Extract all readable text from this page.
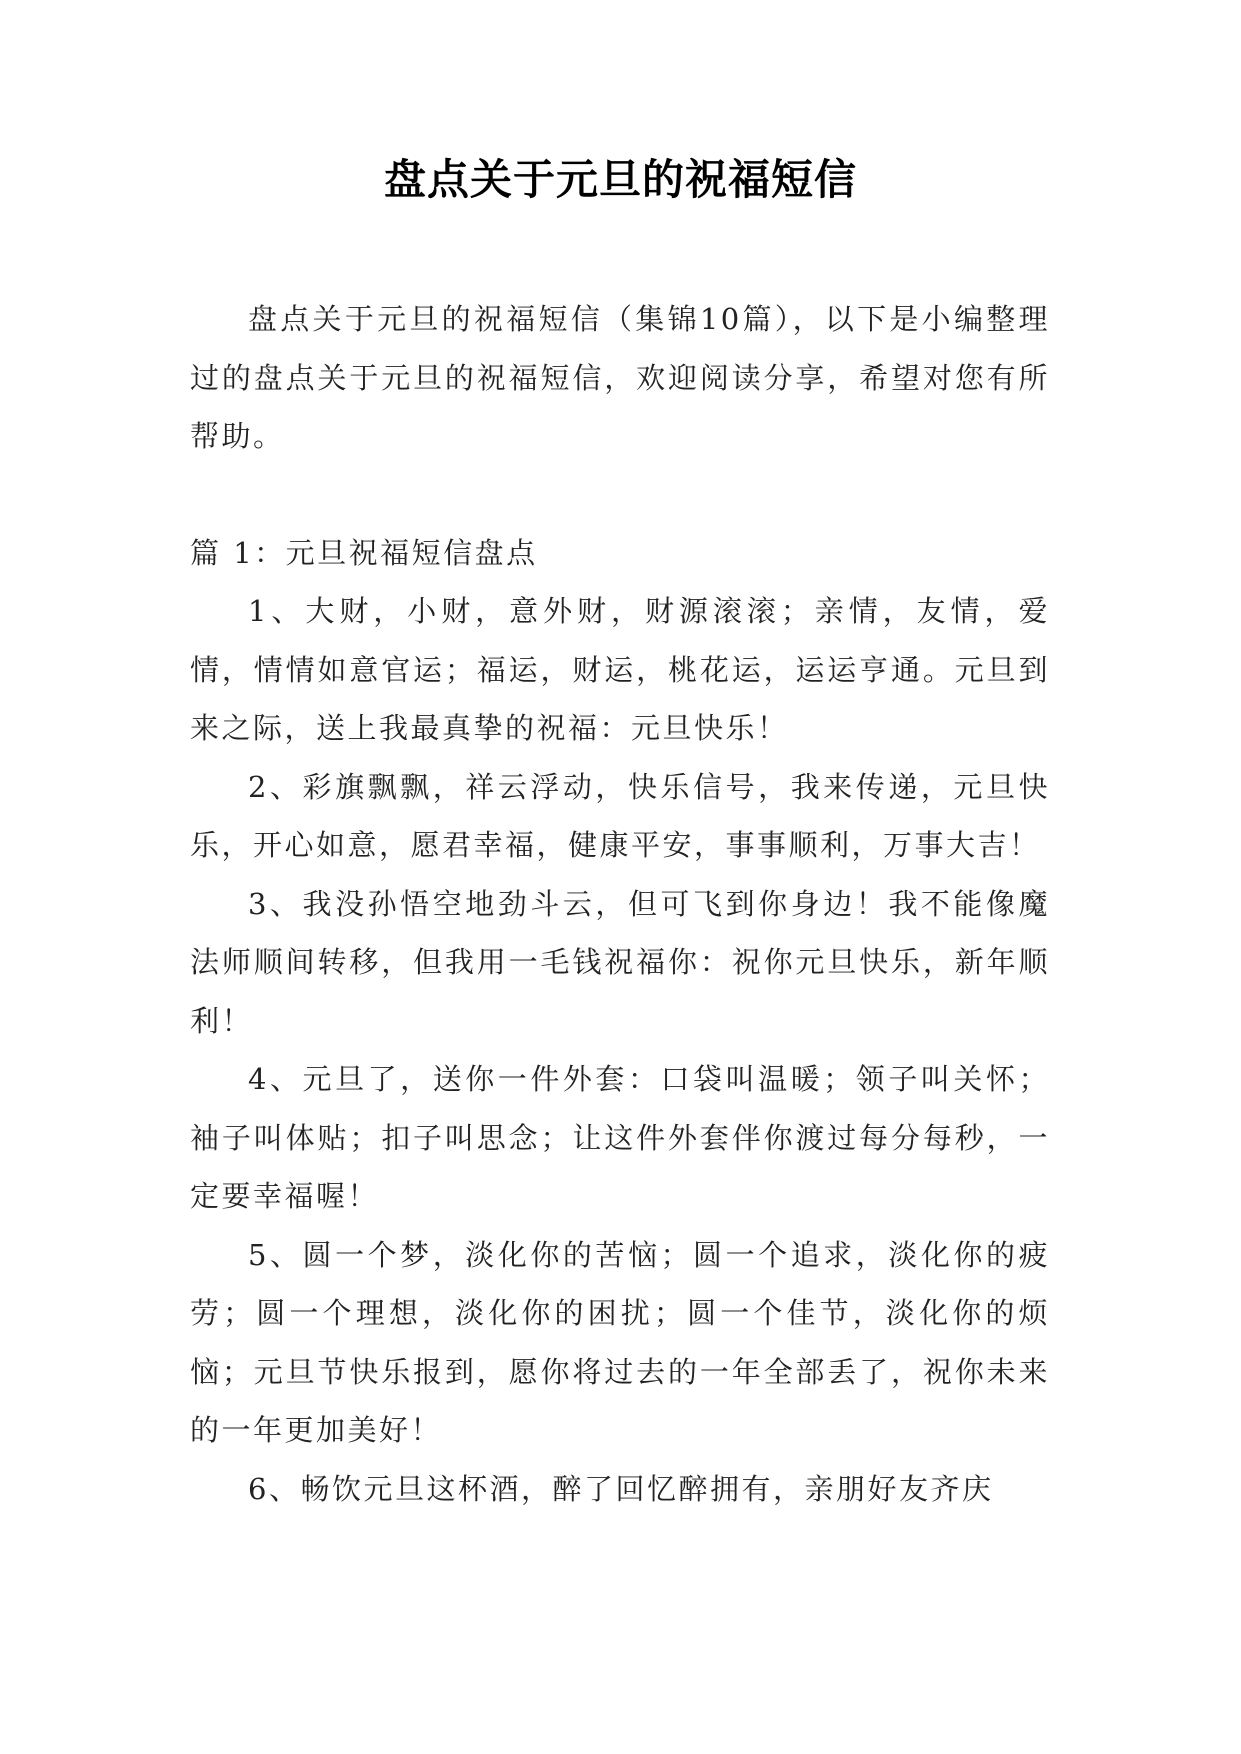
盘点关于元旦的祝福短信

盘点关于元旦的祝福短信（集锦10篇），以下是小编整理过的盘点关于元旦的祝福短信，欢迎阅读分享，希望对您有所帮助。

篇 1：元旦祝福短信盘点

1、大财，小财，意外财，财源滚滚；亲情，友情，爱情，情情如意官运；福运，财运，桃花运，运运亨通。元旦到来之际，送上我最真挚的祝福：元旦快乐！

2、彩旗飘飘，祥云浮动，快乐信号，我来传递，元旦快乐，开心如意，愿君幸福，健康平安，事事顺利，万事大吉！

3、我没孙悟空地劲斗云，但可飞到你身边！我不能像魔法师顺间转移，但我用一毛钱祝福你：祝你元旦快乐，新年顺利！

4、元旦了，送你一件外套：口袋叫温暖；领子叫关怀；袖子叫体贴；扣子叫思念；让这件外套伴你渡过每分每秒，一定要幸福喔！

5、圆一个梦，淡化你的苦恼；圆一个追求，淡化你的疲劳；圆一个理想，淡化你的困扰；圆一个佳节，淡化你的烦恼；元旦节快乐报到，愿你将过去的一年全部丢了，祝你未来的一年更加美好！

6、畅饮元旦这杯酒，醉了回忆醉拥有，亲朋好友齐庆
